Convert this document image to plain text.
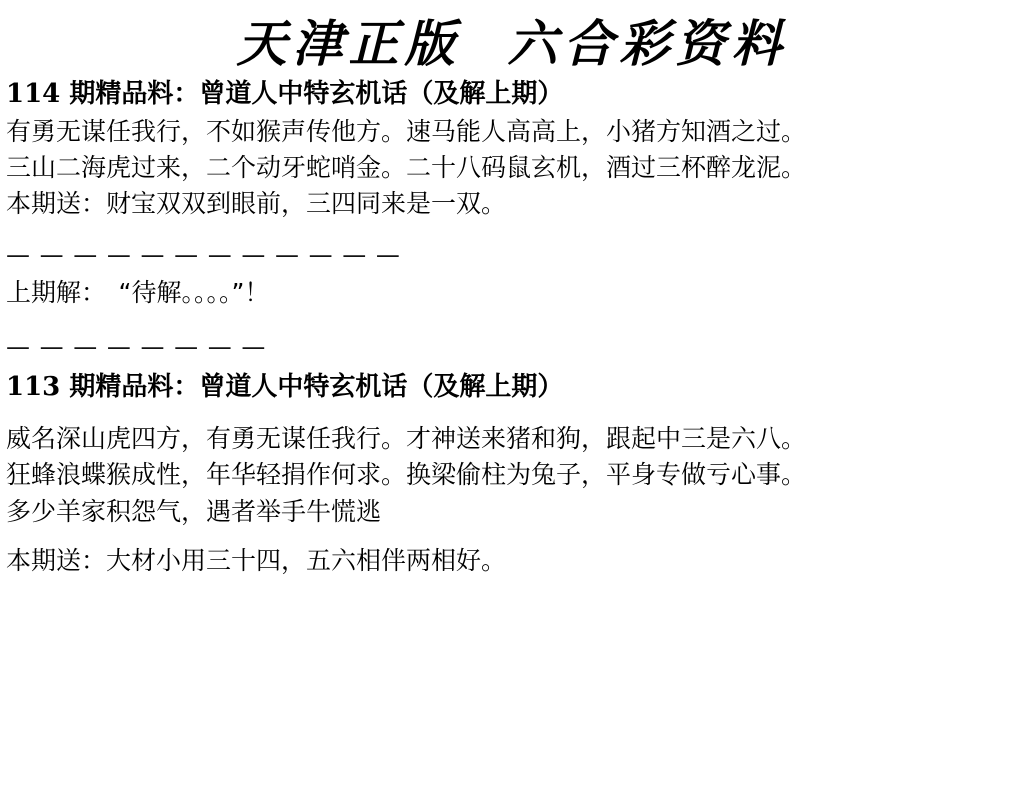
天津正版  六合彩资料
114 期精品料：曾道人中特玄机话（及解上期）
有勇无谋任我行，不如猴声传他方。速马能人高高上，小猪方知酒之过。
三山二海虎过来，二个动牙蛇哨金。二十八码鼠玄机，酒过三杯醉龙泥。
本期送：财宝双双到眼前，三四同来是一双。
— — — — — — — — — — — —
上期解：　“待解。。。。”！
— — — — — — — —
113 期精品料：曾道人中特玄机话（及解上期）
威名深山虎四方，有勇无谋任我行。才神送来猪和狗，跟起中三是六八。
狂蜂浪蝶猴成性，年华轻捐作何求。换梁偷柱为兔子，平身专做亏心事。
多少羊家积怨气，遇者举手牛慌逃
本期送：大材小用三十四，五六相伴两相好。
